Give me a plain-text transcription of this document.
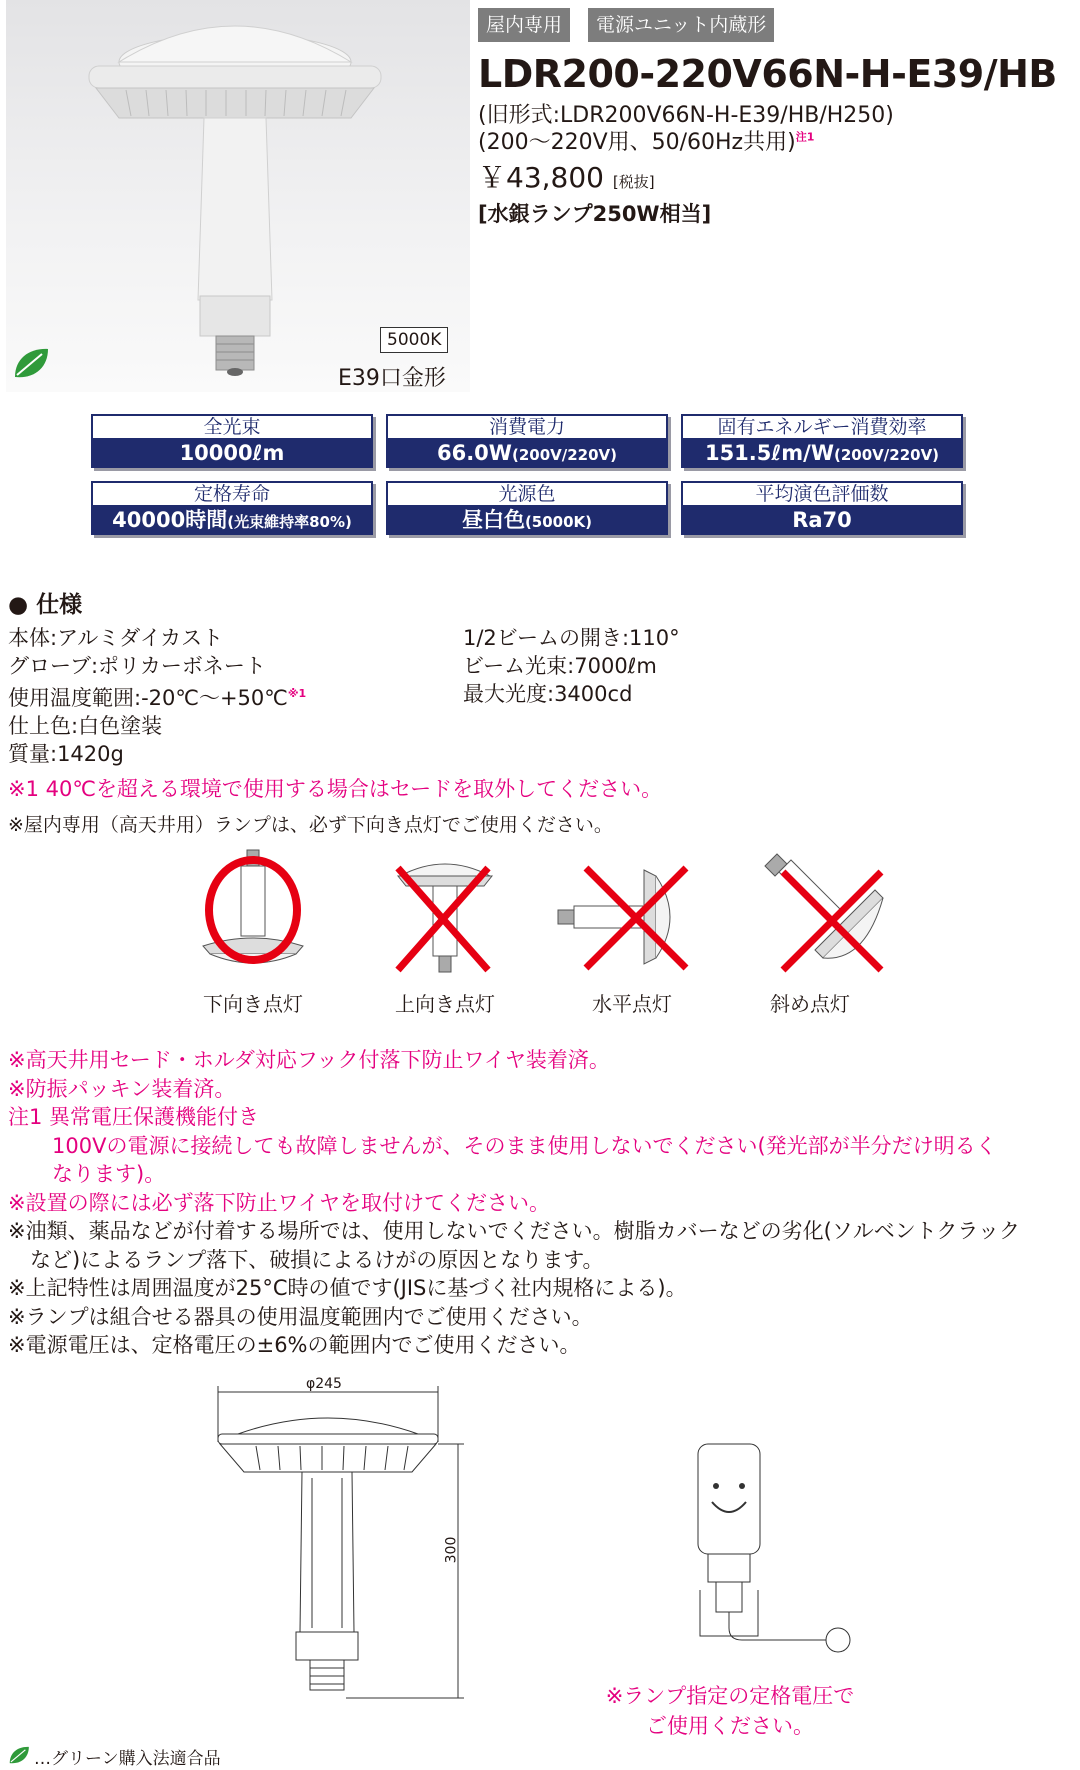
5000K
E39口金形
屋内専用	電源ユニット内蔵形
LDR200-220V66N-H-E39/HB
(旧形式:LDR200V66N-H-E39/HB/H250)
(200〜220V用、50/60Hz共用)$^{注1}$
￥43,800 [税抜]
[水銀ランプ250W相当]
全光束
10000ℓm
消費電力
66.0W(200V/220V)
固有エネルギー消費効率
151.5ℓm/W(200V/220V)
定格寿命
40000時間(光束維持率80%)
光源色
昼白色(5000K)
平均演色評価数
Ra70
● 仕様
本体:アルミダイカスト
グローブ:ポリカーボネート
使用温度範囲:-20℃〜+50℃$^{※1}$
仕上色:白色塗装
質量:1420g
1/2ビームの開き:110°
ビーム光束:7000ℓm
最大光度:3400cd
※1 40℃を超える環境で使用する場合はセードを取外してください。
※屋内専用（高天井用）ランプは、必ず下向き点灯でご使用ください。
下向き点灯	上向き点灯	水平点灯	斜め点灯

※高天井用セード・ホルダ対応フック付落下防止ワイヤ装着済。

※防振パッキン装着済。

注1 異常電圧保護機能付き

100Vの電源に接続しても故障しませんが、そのまま使用しないでください(発光部が半分だけ明るく

なります)。

※設置の際には必ず落下防止ワイヤを取付けてください。

※油類、薬品などが付着する場所では、使用しないでください。樹脂カバーなどの劣化(ソルベントクラック

など)によるランプ落下、破損によるけがの原因となります。

※上記特性は周囲温度が25°C時の値です(JISに基づく社内規格による)。

※ランプは組合せる器具の使用温度範囲内でご使用ください。

※電源電圧は、定格電圧の±6%の範囲内でご使用ください。

φ245
300
※ランプ指定の定格電圧で
ご使用ください。
…グリーン購入法適合品
